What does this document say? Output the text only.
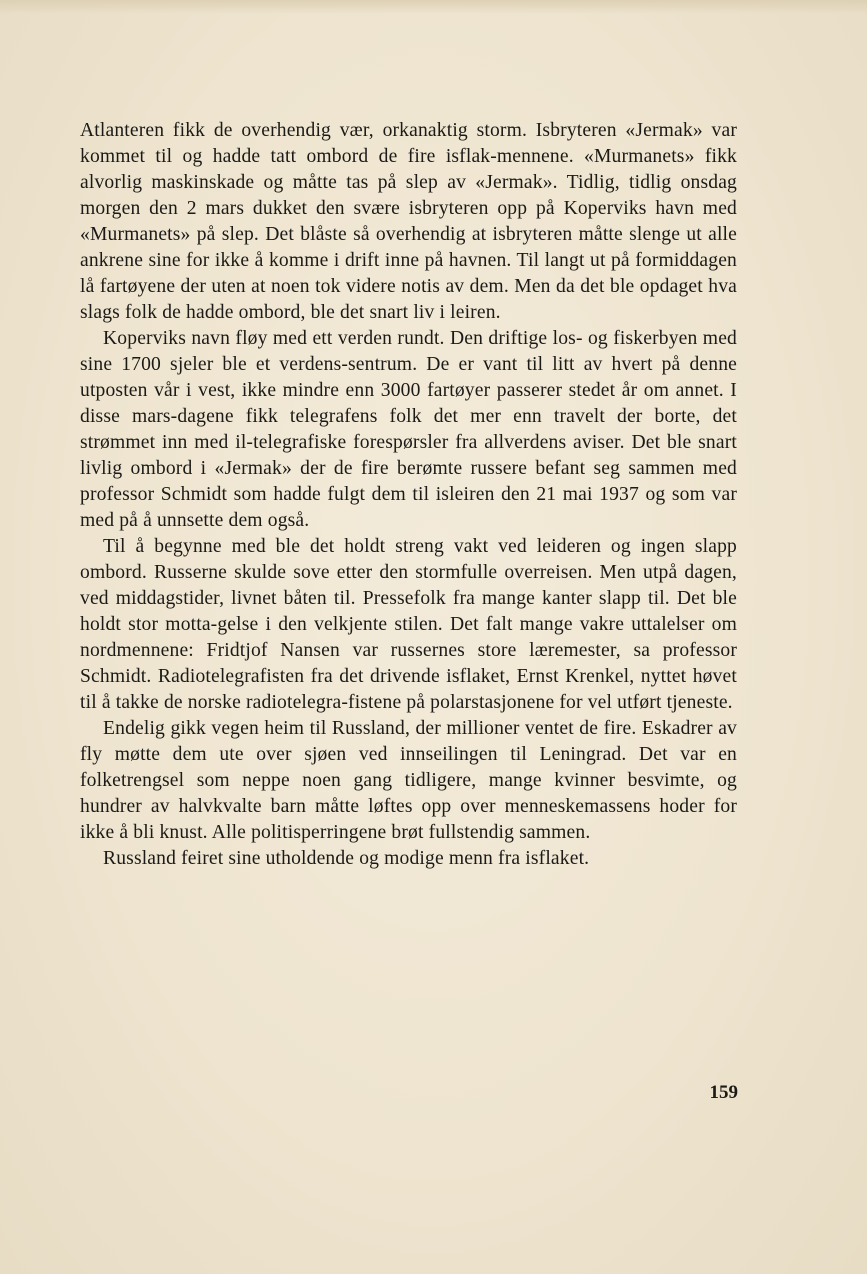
Atlanteren fikk de overhendig vær, orkanaktig storm. Isbryteren «Jermak» var kommet til og hadde tatt ombord de fire isflak-mennene. «Murmanets» fikk alvorlig maskinskade og måtte tas på slep av «Jermak». Tidlig, tidlig onsdag morgen den 2 mars dukket den svære isbryteren opp på Koperviks havn med «Murmanets» på slep. Det blåste så overhendig at isbryteren måtte slenge ut alle ankrene sine for ikke å komme i drift inne på havnen. Til langt ut på formiddagen lå fartøyene der uten at noen tok videre notis av dem. Men da det ble opdaget hva slags folk de hadde ombord, ble det snart liv i leiren.

Koperviks navn fløy med ett verden rundt. Den driftige los- og fiskerbyen med sine 1700 sjeler ble et verdens-sentrum. De er vant til litt av hvert på denne utposten vår i vest, ikke mindre enn 3000 fartøyer passerer stedet år om annet. I disse mars-dagene fikk telegrafens folk det mer enn travelt der borte, det strømmet inn med il-telegrafiske forespørsler fra allverdens aviser. Det ble snart livlig ombord i «Jermak» der de fire berømte russere befant seg sammen med professor Schmidt som hadde fulgt dem til isleiren den 21 mai 1937 og som var med på å unnsette dem også.

Til å begynne med ble det holdt streng vakt ved leideren og ingen slapp ombord. Russerne skulde sove etter den stormfulle overreisen. Men utpå dagen, ved middagstider, livnet båten til. Pressefolk fra mange kanter slapp til. Det ble holdt stor motta-gelse i den velkjente stilen. Det falt mange vakre uttalelser om nordmennene: Fridtjof Nansen var russernes store læremester, sa professor Schmidt. Radiotelegrafisten fra det drivende isflaket, Ernst Krenkel, nyttet høvet til å takke de norske radiotelegra-fistene på polarstasjonene for vel utført tjeneste.

Endelig gikk vegen heim til Russland, der millioner ventet de fire. Eskadrer av fly møtte dem ute over sjøen ved innseilingen til Leningrad. Det var en folketrengsel som neppe noen gang tidligere, mange kvinner besvimte, og hundrer av halvkvalte barn måtte løftes opp over menneskemassens hoder for ikke å bli knust. Alle politisperringene brøt fullstendig sammen.

Russland feiret sine utholdende og modige menn fra isflaket.

159
